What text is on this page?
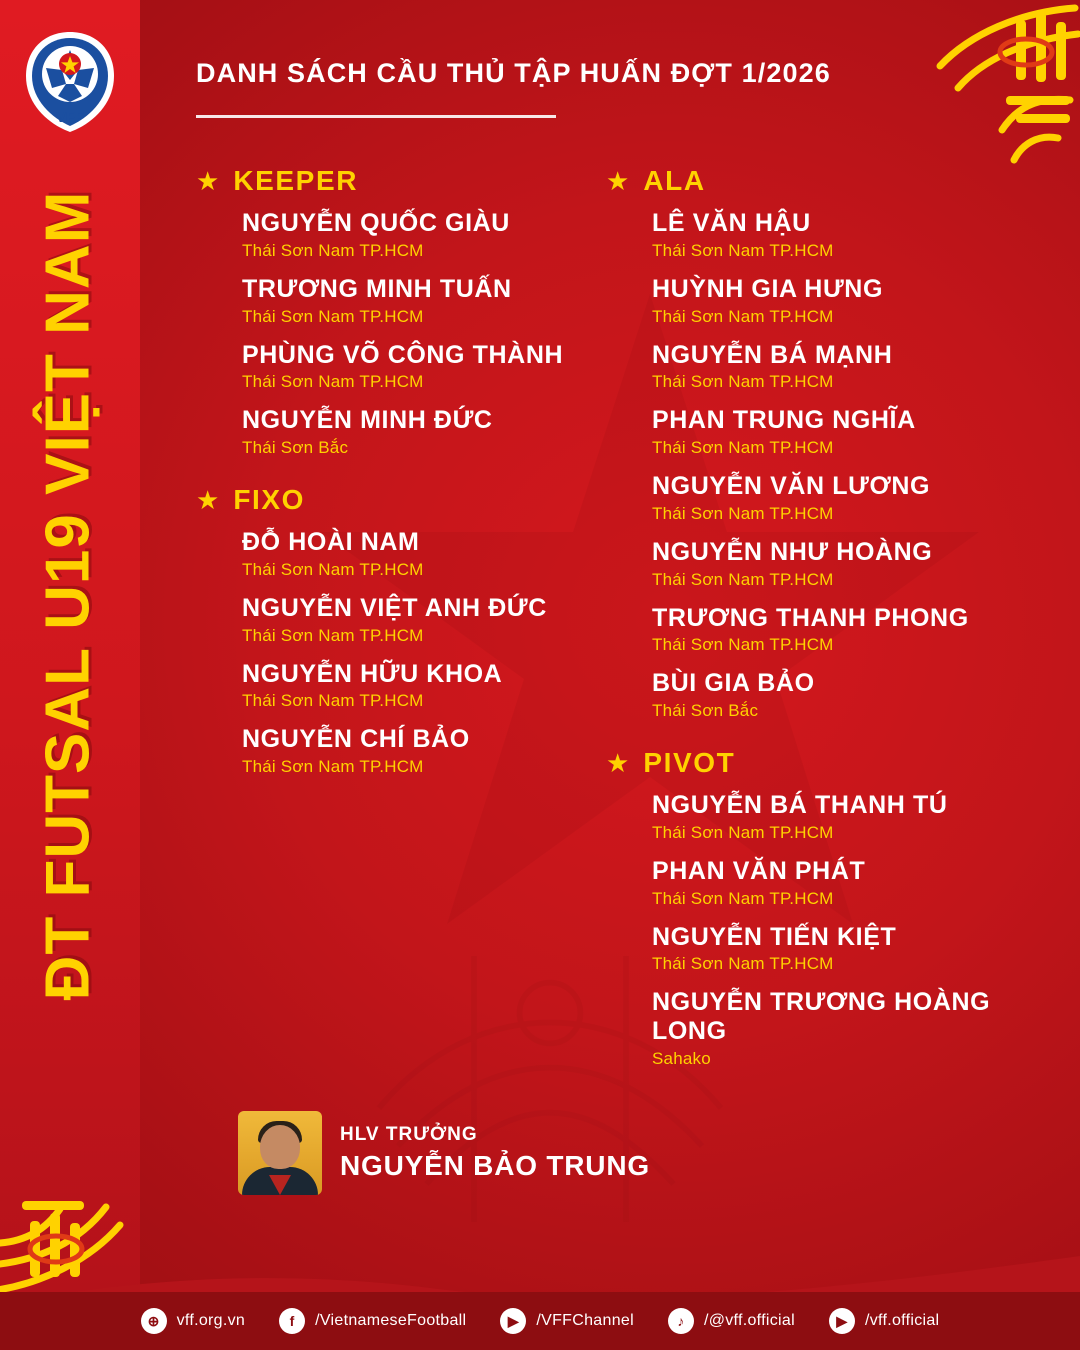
ĐT FUTSAL U19 VIỆT NAM
VFF
DANH SÁCH CẦU THỦ TẬP HUẤN ĐỢT 1/2026
★ KEEPER
NGUYỄN QUỐC GIÀU
Thái Sơn Nam TP.HCM
TRƯƠNG MINH TUẤN
Thái Sơn Nam TP.HCM
PHÙNG VÕ CÔNG THÀNH
Thái Sơn Nam TP.HCM
NGUYỄN MINH ĐỨC
Thái Sơn Bắc
★ FIXO
ĐỖ HOÀI NAM
Thái Sơn Nam TP.HCM
NGUYỄN VIỆT ANH ĐỨC
Thái Sơn Nam TP.HCM
NGUYỄN HỮU KHOA
Thái Sơn Nam TP.HCM
NGUYỄN CHÍ BẢO
Thái Sơn Nam TP.HCM
★ ALA
LÊ VĂN HẬU
Thái Sơn Nam TP.HCM
HUỲNH GIA HƯNG
Thái Sơn Nam TP.HCM
NGUYỄN BÁ MẠNH
Thái Sơn Nam TP.HCM
PHAN TRUNG NGHĨA
Thái Sơn Nam TP.HCM
NGUYỄN VĂN LƯƠNG
Thái Sơn Nam TP.HCM
NGUYỄN NHƯ HOÀNG
Thái Sơn Nam TP.HCM
TRƯƠNG THANH PHONG
Thái Sơn Nam TP.HCM
BÙI GIA BẢO
Thái Sơn Bắc
★ PIVOT
NGUYỄN BÁ THANH TÚ
Thái Sơn Nam TP.HCM
PHAN VĂN PHÁT
Thái Sơn Nam TP.HCM
NGUYỄN TIẾN KIỆT
Thái Sơn Nam TP.HCM
NGUYỄN TRƯƠNG HOÀNG LONG
Sahako
HLV TRƯỞNG
NGUYỄN BẢO TRUNG
⊕	vff.org.vn	f	/VietnameseFootball	▶	/VFFChannel	♪	/@vff.official	▶	/vff.official
